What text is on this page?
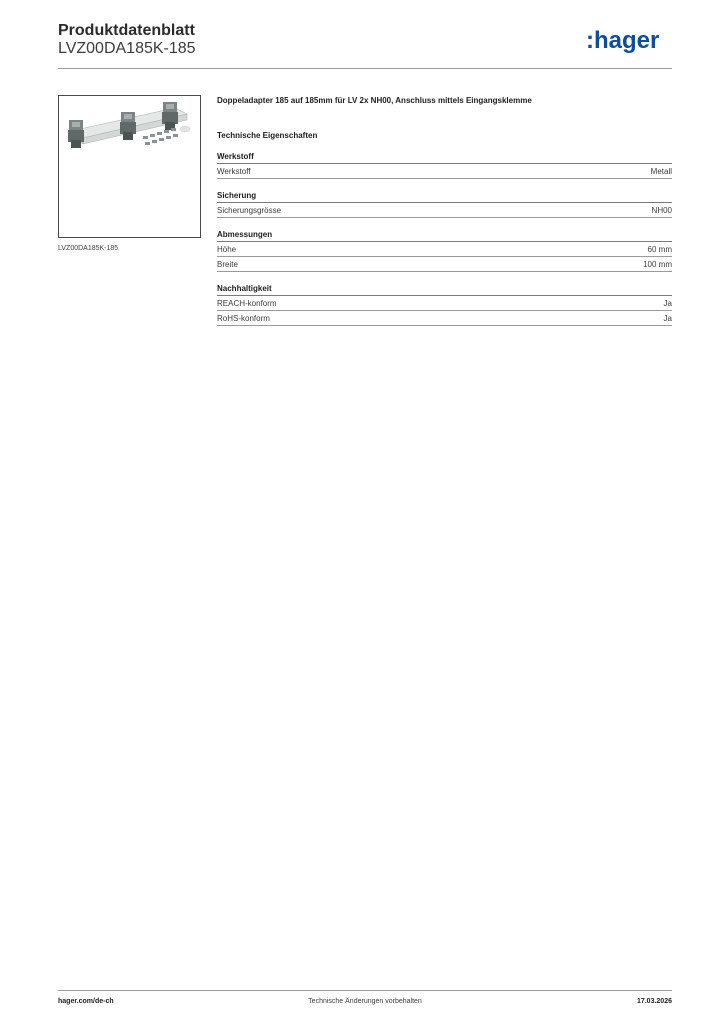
Produktdatenblatt
LVZ00DA185K-185	:hager
LVZ00DA185K-185

Doppeladapter 185 auf 185mm für LV 2x NH00, Anschluss mittels Eingangsklemme

Technische Eigenschaften
Werkstoff
Werkstoff	Metall
Sicherung
Sicherungsgrösse	NH00
Abmessungen
Höhe	60 mm
Breite	100 mm
Nachhaltigkeit
REACH-konform	Ja
RoHS-konform	Ja
hager.com/de-ch	Technische Änderungen vorbehalten	17.03.2026
